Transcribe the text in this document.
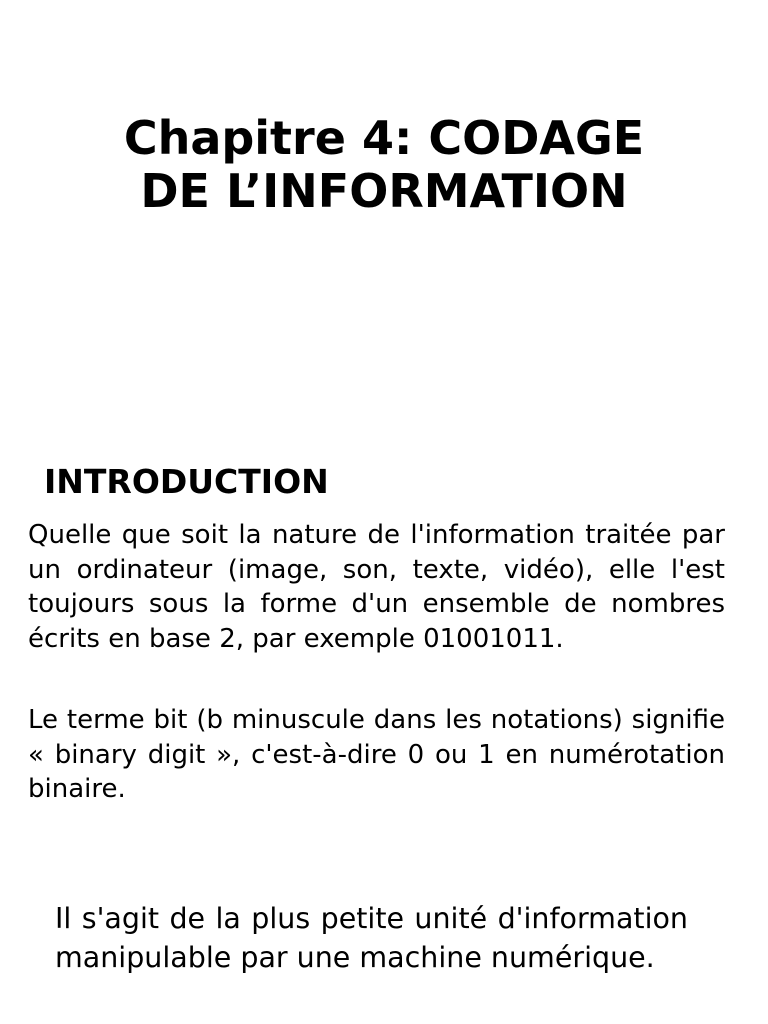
Chapitre 4: CODAGE
DE L’INFORMATION
INTRODUCTION

Quelle que soit la nature de l'information traitée par un ordinateur (image, son, texte, vidéo), elle l'est toujours sous la forme d'un ensemble de nombres écrits en base 2, par exemple 01001011.

Le terme bit (b minuscule dans les notations) signifie « binary digit », c'est-à-dire 0 ou 1 en numérotation binaire.

Il s'agit de la plus petite unité d'information manipulable par une machine numérique.
